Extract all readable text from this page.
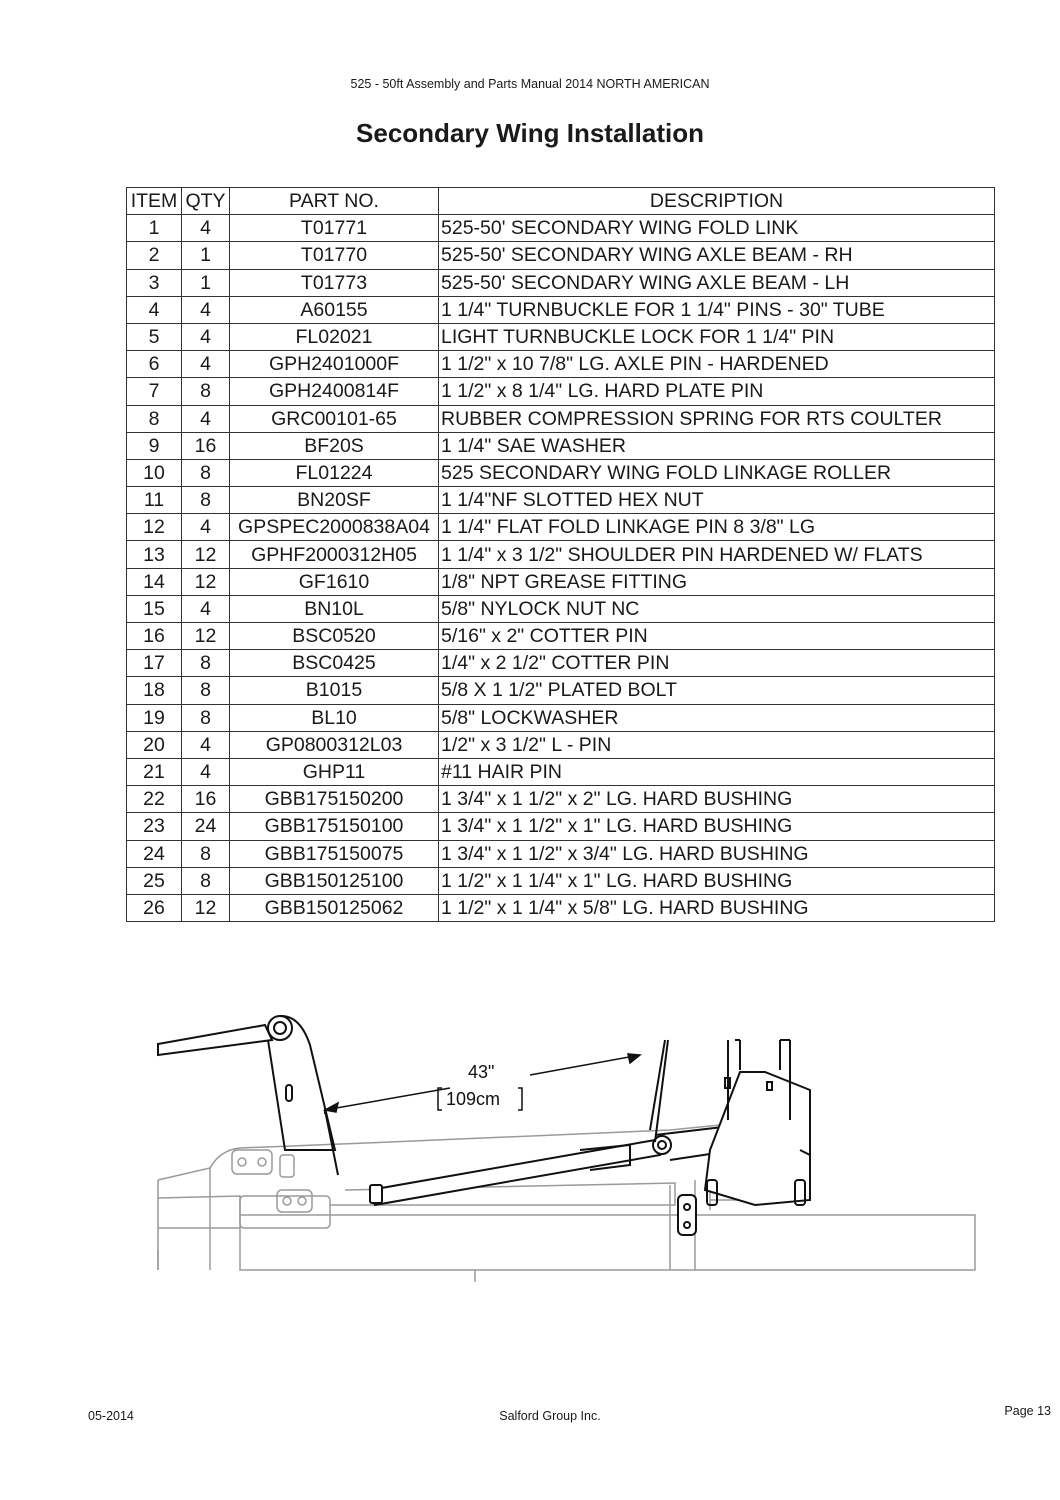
525 - 50ft Assembly and Parts Manual 2014 NORTH AMERICAN
Secondary Wing Installation
ITEM	QTY	PART NO.	DESCRIPTION
1	4	T01771	525-50' SECONDARY WING FOLD LINK
2	1	T01770	525-50' SECONDARY WING AXLE BEAM - RH
3	1	T01773	525-50' SECONDARY WING AXLE BEAM - LH
4	4	A60155	1 1/4" TURNBUCKLE FOR 1 1/4" PINS - 30" TUBE
5	4	FL02021	LIGHT TURNBUCKLE LOCK FOR 1 1/4" PIN
6	4	GPH2401000F	1 1/2" x 10 7/8" LG. AXLE PIN - HARDENED
7	8	GPH2400814F	1 1/2" x 8 1/4" LG. HARD PLATE PIN
8	4	GRC00101-65	RUBBER COMPRESSION SPRING FOR RTS COULTER
9	16	BF20S	1 1/4" SAE WASHER
10	8	FL01224	525 SECONDARY WING FOLD LINKAGE ROLLER
11	8	BN20SF	1 1/4"NF SLOTTED HEX NUT
12	4	GPSPEC2000838A04	1 1/4" FLAT FOLD LINKAGE PIN 8 3/8" LG
13	12	GPHF2000312H05	1 1/4" x 3 1/2" SHOULDER PIN HARDENED W/ FLATS
14	12	GF1610	1/8" NPT GREASE FITTING
15	4	BN10L	5/8" NYLOCK NUT NC
16	12	BSC0520	5/16" x 2" COTTER PIN
17	8	BSC0425	1/4" x 2 1/2" COTTER PIN
18	8	B1015	5/8 X 1 1/2" PLATED BOLT
19	8	BL10	5/8" LOCKWASHER
20	4	GP0800312L03	1/2" x 3 1/2" L - PIN
21	4	GHP11	#11 HAIR PIN
22	16	GBB175150200	1 3/4" x 1 1/2" x 2" LG. HARD BUSHING
23	24	GBB175150100	1 3/4" x 1 1/2" x 1" LG. HARD BUSHING
24	8	GBB175150075	1 3/4" x 1 1/2" x 3/4" LG. HARD BUSHING
25	8	GBB150125100	1 1/2" x 1 1/4" x 1" LG. HARD BUSHING
26	12	GBB150125062	1 1/2" x 1 1/4" x 5/8" LG. HARD BUSHING
43"
109cm
05-2014	Salford Group Inc.	Page 13
